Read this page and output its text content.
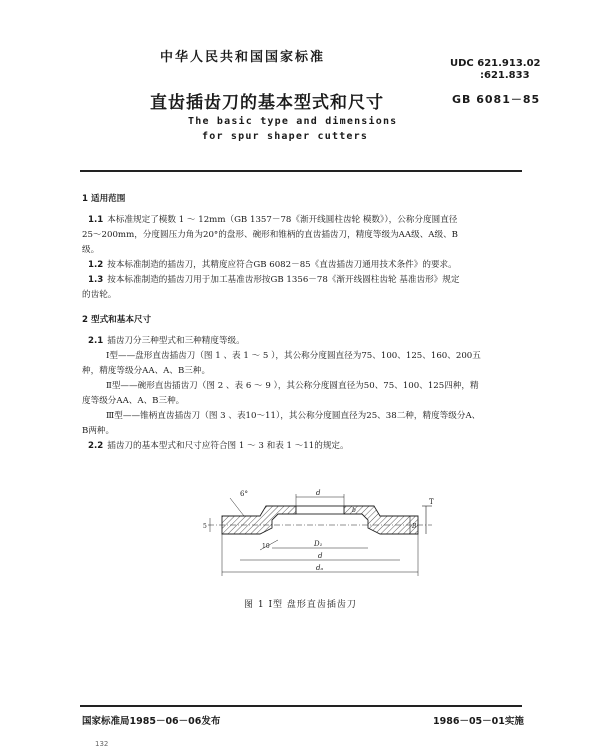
中华人民共和国国家标准	UDC 621.913.02
:621.833
直齿插齿刀的基本型式和尺寸	GB 6081－85
The basic type and dimensions
for spur shaper cutters
1 适用范围
1.1 本标准规定了模数 1 ～ 12mm（GB 1357－78《渐开线圆柱齿轮 模数》），公称分度圆直径
25～200mm，分度圆压力角为20°的盘形、碗形和锥柄的直齿插齿刀，精度等级为AA级、A级、B
级。
1.2 按本标准制造的插齿刀，其精度应符合GB 6082－85《直齿插齿刀通用技术条件》的要求。
1.3 按本标准制造的插齿刀用于加工基准齿形按GB 1356－78《渐开线圆柱齿轮 基准齿形》规定
的齿轮。
2 型式和基本尺寸
2.1 插齿刀分三种型式和三种精度等级。
Ⅰ型——盘形直齿插齿刀（图 1 、表 1 ～ 5 ），其公称分度圆直径为75、100、125、160、200五
种，精度等级分AA、A、B三种。
Ⅱ型——碗形直齿插齿刀（图 2 、表 6 ～ 9 ），其公称分度圆直径为50、75、100、125四种，精
度等级分AA、A、B三种。
Ⅲ型——锥柄直齿插齿刀（图 3 、表10～11），其公称分度圆直径为25、38二种，精度等级分A、
B两种。
2.2 插齿刀的基本型式和尺寸应符合图 1 ～ 3 和表 1 ～11的规定。
6°	d
b
B
T
5
10	D₁
d
dₐ
图 1 Ⅰ型 盘形直齿插齿刀
国家标准局1985－06－06发布	1986－05－01实施
132
